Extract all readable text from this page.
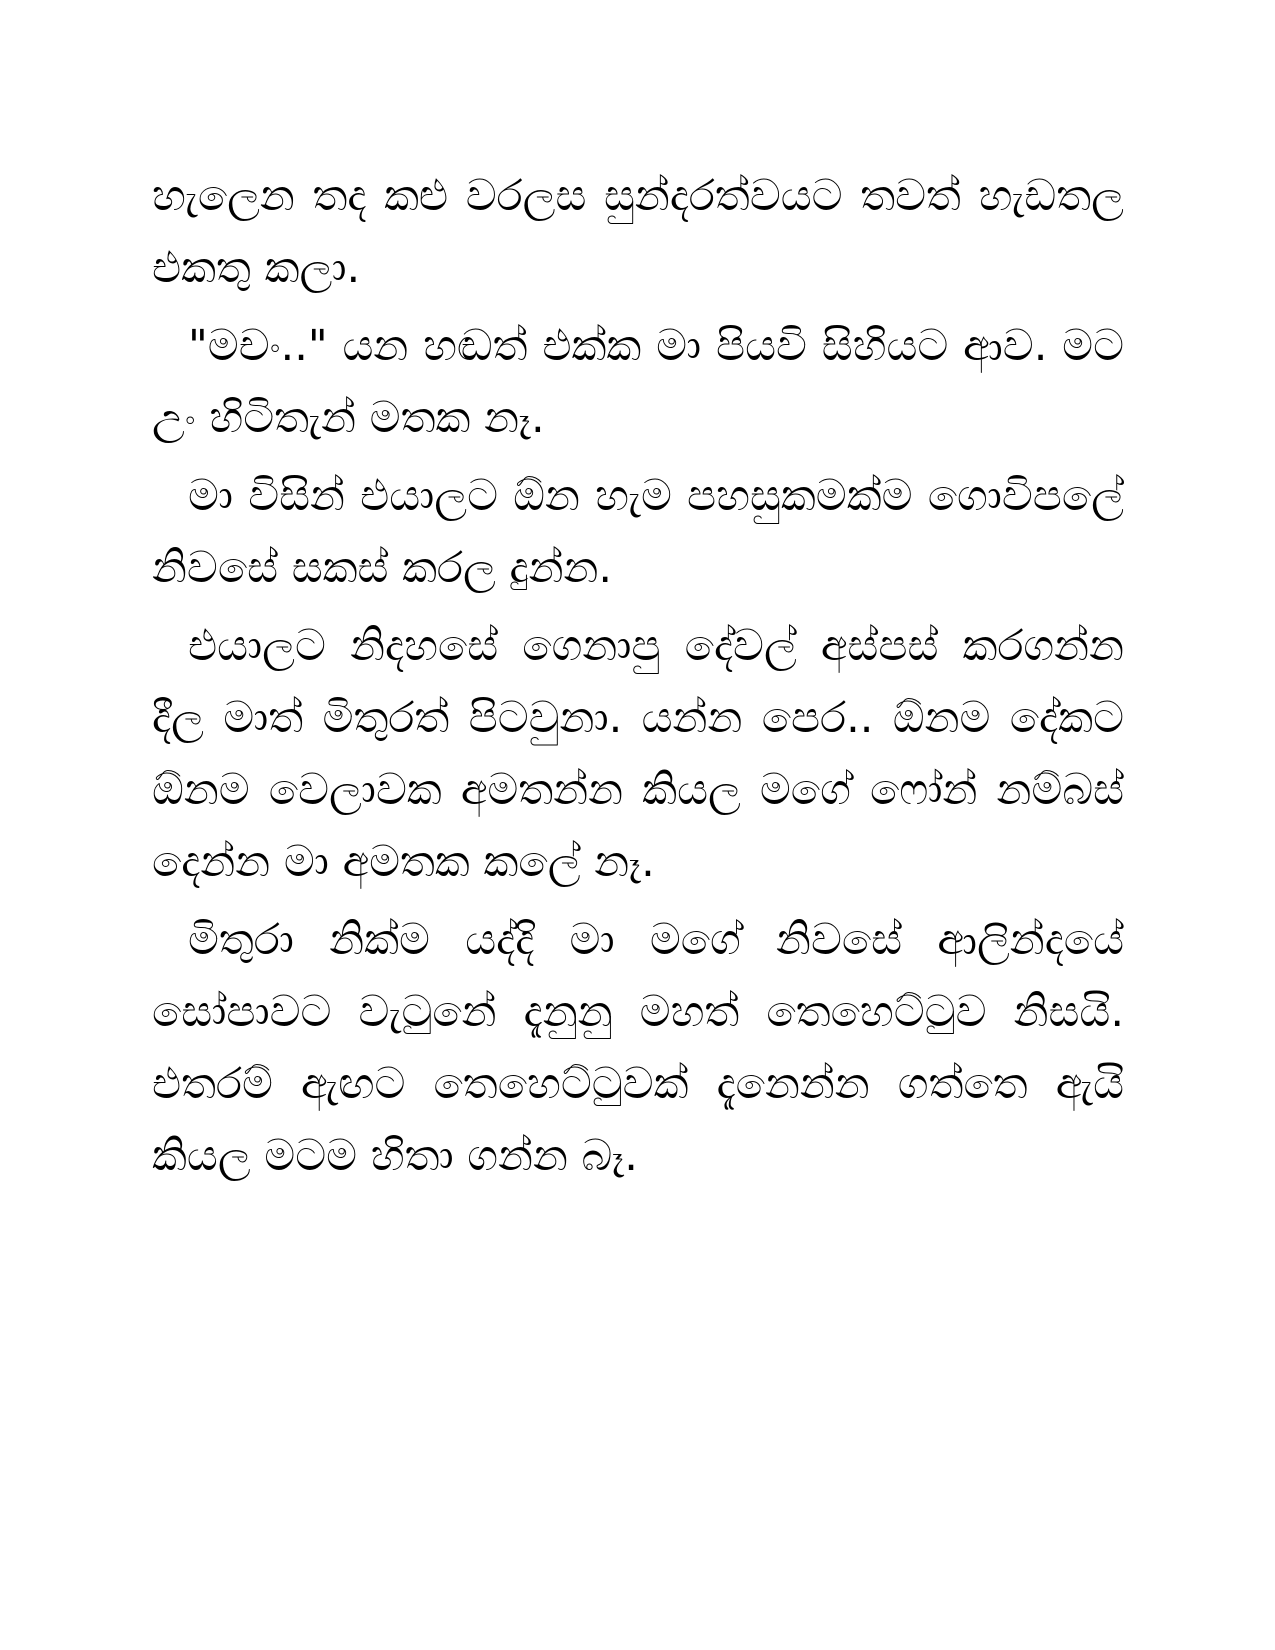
හැලෙන තද කළු වරලස සුන්දරත්වයට තවත් හැඩතල එකතු කලා.

"මචං.." යන හඬත් එක්ක මා පියවි සිහියට ආව. මට උං හිටිතැන් මතක නෑ.

මා විසින් එයාලට ඕන හැම පහසුකමක්ම ගොවිපලේ නිවසේ සකස් කරල දුන්න.

එයාලට නිදහසේ ගෙනාපු දේවල් අස්පස් කරගන්න දීල මාත් මිතුරත් පිටවුනා. යන්න පෙර.. ඕනම දේකට ඕනම වෙලාවක අමතන්න කියල මගේ ෆෝන් නම්බස් දෙන්න මා අමතක කලේ නෑ.

මිතුරා නික්ම යද්දි මා මගේ නිවසේ ආලින්දයේ සෝපාවට වැටුනේ දැනුනු මහත් තෙහෙට්ටුව නිසයි. එතරම් ඇඟට තෙහෙට්ටුවක් දැනෙන්න ගත්තෙ ඇයි කියල මටම හිතා ගන්න බෑ.
